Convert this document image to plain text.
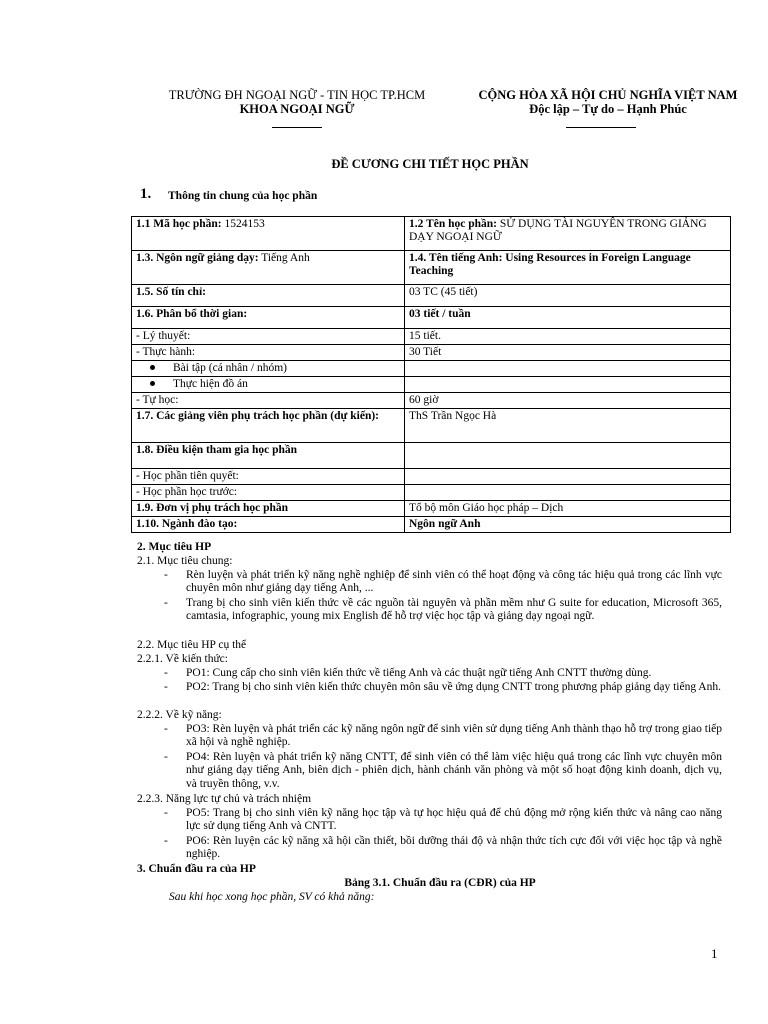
TRƯỜNG ĐH NGOẠI NGỮ - TIN HỌC TP.HCM
KHOA NGOẠI NGỮ
CỘNG HÒA XÃ HỘI CHỦ NGHĨA VIỆT NAM
Độc lập – Tự do – Hạnh Phúc
ĐỀ CƯƠNG CHI TIẾT HỌC PHẦN
1. Thông tin chung của học phần
1.1 Mã học phần: 1524153	1.2 Tên học phần: SỬ DỤNG TÀI NGUYÊN TRONG GIẢNG DẠY NGOẠI NGỮ
1.3. Ngôn ngữ giảng dạy: Tiếng Anh	1.4. Tên tiếng Anh: Using Resources in Foreign Language Teaching
1.5. Số tín chỉ:	03 TC (45 tiết)
1.6. Phân bổ thời gian:	03 tiết / tuần
- Lý thuyết:	15 tiết.
- Thực hành:	30 Tiết
Bài tập (cá nhân / nhóm)	
Thực hiện đồ án	
- Tự học:	60 giờ
1.7. Các giảng viên phụ trách học phần (dự kiến):	ThS Trần Ngọc Hà
1.8. Điều kiện tham gia học phần	
- Học phần tiên quyết:	
- Học phần học trước:	
1.9. Đơn vị phụ trách học phần	Tổ bộ môn Giáo học pháp – Dịch
1.10. Ngành đào tạo:	Ngôn ngữ Anh
2. Mục tiêu HP
2.1. Mục tiêu chung:
- Rèn luyện và phát triển kỹ năng nghề nghiệp để sinh viên có thể hoạt động và công tác hiệu quả trong các lĩnh vực chuyên môn như giảng dạy tiếng Anh, ...
- Trang bị cho sinh viên kiến thức về các nguồn tài nguyên và phần mềm như G suite for education, Microsoft 365, camtasia, infographic, young mix English để hỗ trợ việc học tập và giảng dạy ngoại ngữ.
2.2. Mục tiêu HP cụ thể
2.2.1. Về kiến thức:
- PO1: Cung cấp cho sinh viên kiến thức về tiếng Anh và các thuật ngữ tiếng Anh CNTT thường dùng.
- PO2: Trang bị cho sinh viên kiến thức chuyên môn sâu về ứng dụng CNTT trong phương pháp giảng dạy tiếng Anh.
2.2.2. Về kỹ năng:
- PO3: Rèn luyện và phát triển các kỹ năng ngôn ngữ để sinh viên sử dụng tiếng Anh thành thạo hỗ trợ trong giao tiếp xã hội và nghề nghiệp.
- PO4: Rèn luyện và phát triển kỹ năng CNTT, để sinh viên có thể làm việc hiệu quả trong các lĩnh vực chuyên môn như giảng dạy tiếng Anh, biên dịch - phiên dịch, hành chánh văn phòng và một số hoạt động kinh doanh, dịch vụ, và truyền thông, v.v.
2.2.3. Năng lực tự chủ và trách nhiệm
- PO5: Trang bị cho sinh viên kỹ năng học tập và tự học hiệu quả để chủ động mở rộng kiến thức và nâng cao năng lực sử dụng tiếng Anh và CNTT.
- PO6: Rèn luyện các kỹ năng xã hội cần thiết, bồi dưỡng thái độ và nhận thức tích cực đối với việc học tập và nghề nghiệp.
3. Chuẩn đầu ra của HP
Bảng 3.1. Chuẩn đầu ra (CĐR) của HP
Sau khi học xong học phần, SV có khả năng:
1
